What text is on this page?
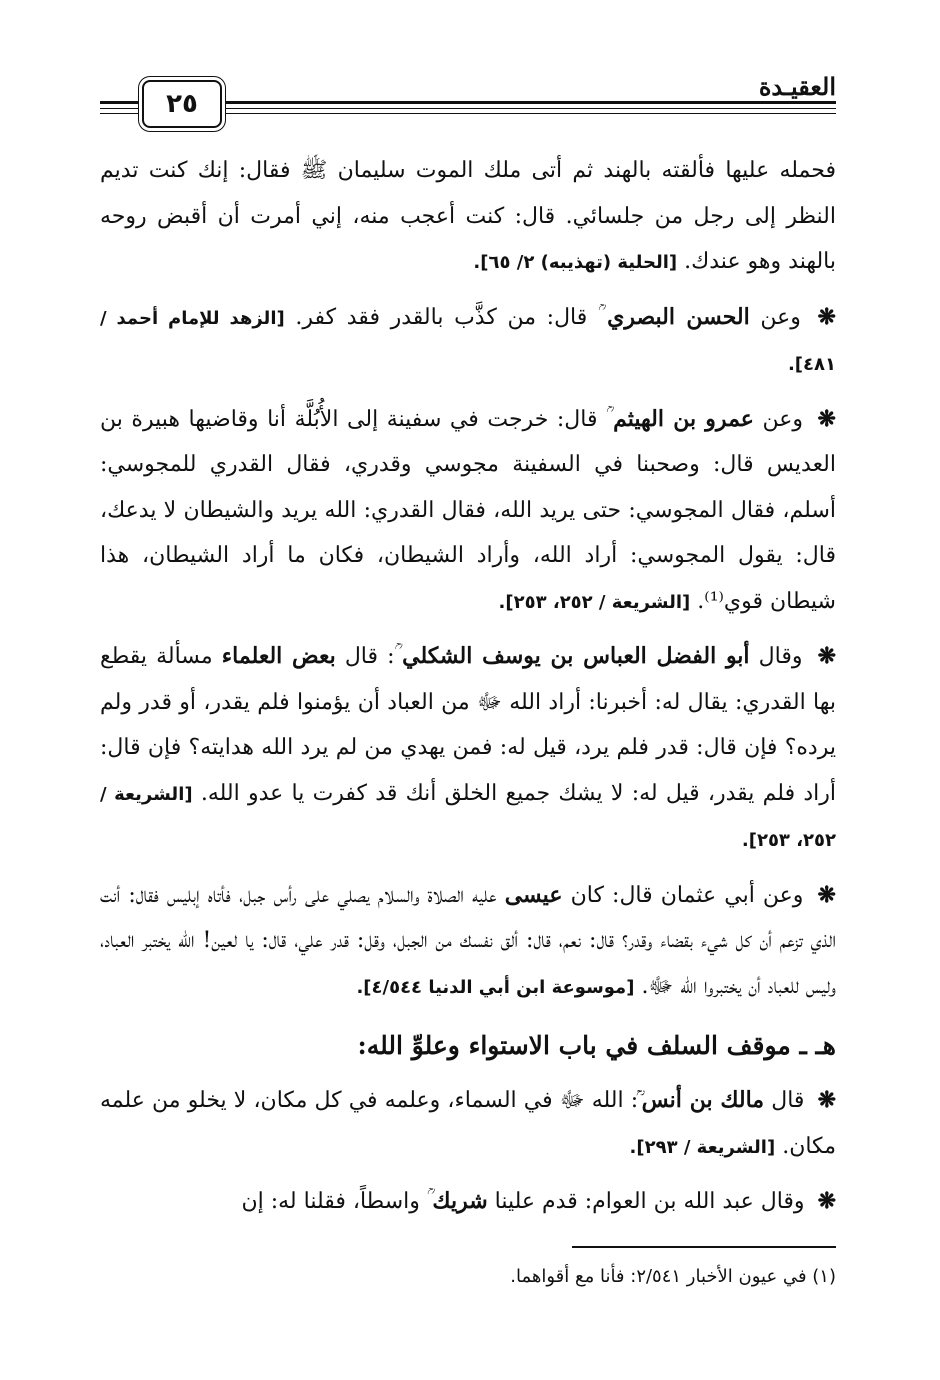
٢٥
العقيـدة

فحمله عليها فألقته بالهند ثم أتى ملك الموت سليمان ﷺ فقال: إنك كنت تديم النظر إلى رجل من جلسائي. قال: كنت أعجب منه، إني أمرت أن أقبض روحه بالهند وهو عندك. [الحلية (تهذيبه) ٢/ ٦٥].

❋ وعن الحسن البصري ؒ قال: من كذَّب بالقدر فقد كفر. [الزهد للإمام أحمد / ٤٨١].

❋ وعن عمرو بن الهيثم ؒ قال: خرجت في سفينة إلى الأُبُلَّة أنا وقاضيها هبيرة بن العديس قال: وصحبنا في السفينة مجوسي وقدري، فقال القدري للمجوسي: أسلم، فقال المجوسي: حتى يريد الله، فقال القدري: الله يريد والشيطان لا يدعك، قال: يقول المجوسي: أراد الله، وأراد الشيطان، فكان ما أراد الشيطان، هذا شيطان قوي⁽¹⁾. [الشريعة / ٢٥٢، ٢٥٣].

❋ وقال أبو الفضل العباس بن يوسف الشكلي ؒ: قال بعض العلماء مسألة يقطع بها القدري: يقال له: أخبرنا: أراد الله ﷻ من العباد أن يؤمنوا فلم يقدر، أو قدر ولم يرده؟ فإن قال: قدر فلم يرد، قيل له: فمن يهدي من لم يرد الله هدايته؟ فإن قال: أراد فلم يقدر، قيل له: لا يشك جميع الخلق أنك قد كفرت يا عدو الله. [الشريعة / ٢٥٢، ٢٥٣].

❋ وعن أبي عثمان قال: كان عيسى عليه الصلاة والسلام يصلي على رأس جبل، فأتاه إبليس فقال: أنت الذي تزعم أن كل شيء بقضاء وقدر؟ قال: نعم، قال: ألق نفسك من الجبل، وقل: قدر علي، قال: يا لعين! الله يختبر العباد، وليس للعباد أن يختبروا الله ﷻ. [موسوعة ابن أبي الدنيا ٤/٥٤٤].

هـ ـ موقف السلف في باب الاستواء وعلوِّ الله:

❋ قال مالك بن أنس ؒ: الله ﷻ في السماء، وعلمه في كل مكان، لا يخلو من علمه مكان. [الشريعة / ٢٩٣].

❋ وقال عبد الله بن العوام: قدم علينا شريك ؒ واسطاً، فقلنا له: إن

(١) في عيون الأخبار ٢/٥٤١: فأنا مع أقواهما.
